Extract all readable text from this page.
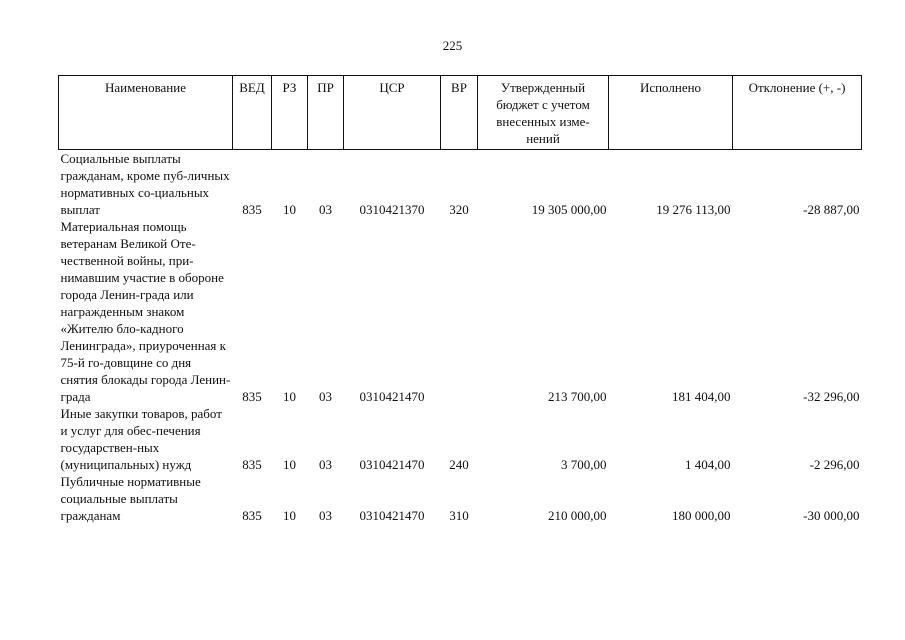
225
Наименование	ВЕД	РЗ	ПР	ЦСР	ВР	Утвержденный бюджет с учетом внесенных изме-нений	Исполнено	Отклонение (+, -)
Социальные выплаты гражданам, кроме пуб-личных нормативных со-циальных выплат	835	10	03	0310421370	320	19 305 000,00	19 276 113,00	-28 887,00
Материальная помощь ветеранам Великой Оте-чественной войны, при-нимавшим участие в обороне города Ленин-града или награжденным знаком «Жителю бло-кадного Ленинграда», приуроченная к 75-й го-довщине со дня снятия блокады города Ленин-града	835	10	03	0310421470		213 700,00	181 404,00	-32 296,00
Иные закупки товаров, работ и услуг для обес-печения государствен-ных (муниципальных) нужд	835	10	03	0310421470	240	3 700,00	1 404,00	-2 296,00
Публичные нормативные социальные выплаты гражданам	835	10	03	0310421470	310	210 000,00	180 000,00	-30 000,00
